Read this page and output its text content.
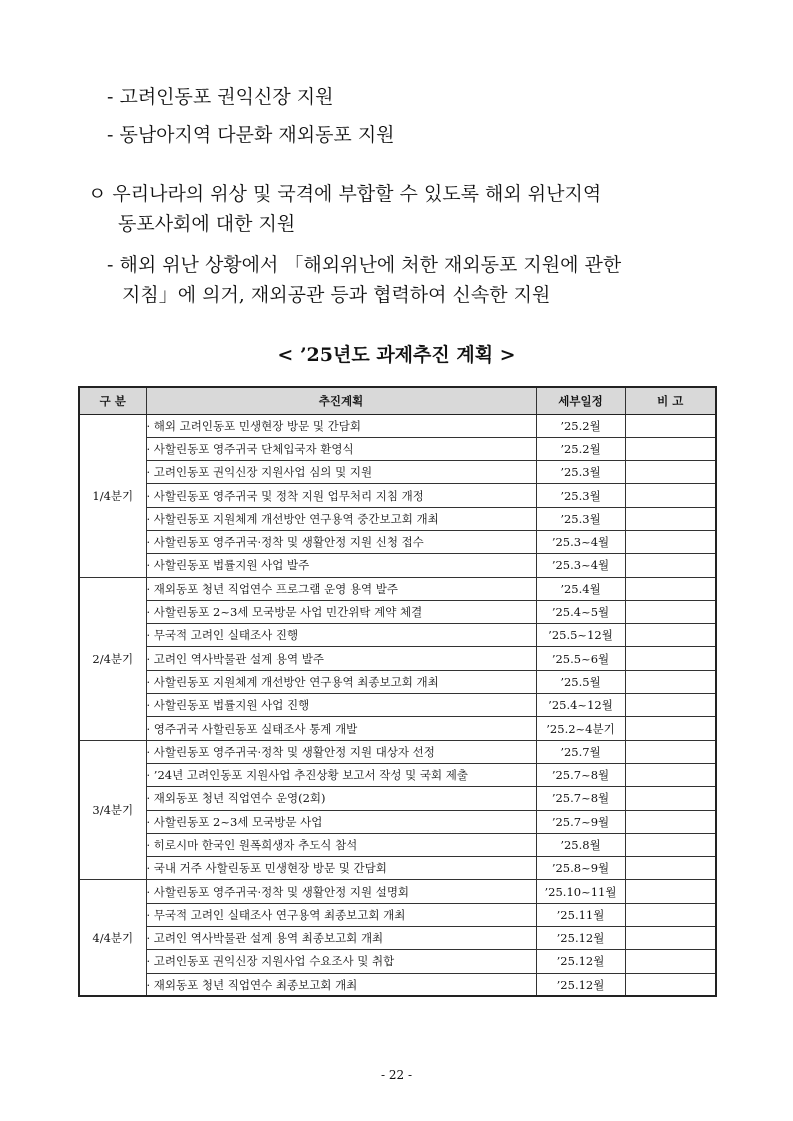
- 고려인동포 권익신장 지원
- 동남아지역 다문화 재외동포 지원
ㅇ 우리나라의 위상 및 국격에 부합할 수 있도록 해외 위난지역
동포사회에 대한 지원
- 해외 위난 상황에서 「해외위난에 처한 재외동포 지원에 관한
지침」에 의거, 재외공관 등과 협력하여 신속한 지원
< ’25년도 과제추진 계획 >
구 분	추진계획	세부일정	비 고
1/4분기	· 해외 고려인동포 민생현장 방문 및 간담회	’25.2월	
	· 사할린동포 영주귀국 단체입국자 환영식	’25.2월	
	· 고려인동포 권익신장 지원사업 심의 및 지원	’25.3월	
	· 사할린동포 영주귀국 및 정착 지원 업무처리 지침 개정	’25.3월	
	· 사할린동포 지원체계 개선방안 연구용역 중간보고회 개최	’25.3월	
	· 사할린동포 영주귀국·정착 및 생활안정 지원 신청 접수	’25.3~4월	
	· 사할린동포 법률지원 사업 발주	’25.3~4월	
2/4분기	· 재외동포 청년 직업연수 프로그램 운영 용역 발주	’25.4월	
	· 사할린동포 2~3세 모국방문 사업 민간위탁 계약 체결	’25.4~5월	
	· 무국적 고려인 실태조사 진행	’25.5~12월	
	· 고려인 역사박물관 설계 용역 발주	’25.5~6월	
	· 사할린동포 지원체계 개선방안 연구용역 최종보고회 개최	’25.5월	
	· 사할린동포 법률지원 사업 진행	’25.4~12월	
	· 영주귀국 사할린동포 실태조사 통계 개발	’25.2~4분기	
3/4분기	· 사할린동포 영주귀국·정착 및 생활안정 지원 대상자 선정	’25.7월	
	· ’24년 고려인동포 지원사업 추진상황 보고서 작성 및 국회 제출	’25.7~8월	
	· 재외동포 청년 직업연수 운영(2회)	’25.7~8월	
	· 사할린동포 2~3세 모국방문 사업	’25.7~9월	
	· 히로시마 한국인 원폭희생자 추도식 참석	’25.8월	
	· 국내 거주 사할린동포 민생현장 방문 및 간담회	’25.8~9월	
4/4분기	· 사할린동포 영주귀국·정착 및 생활안정 지원 설명회	’25.10~11월	
	· 무국적 고려인 실태조사 연구용역 최종보고회 개최	’25.11월	
	· 고려인 역사박물관 설계 용역 최종보고회 개최	’25.12월	
	· 고려인동포 권익신장 지원사업 수요조사 및 취합	’25.12월	
	· 재외동포 청년 직업연수 최종보고회 개최	’25.12월	
- 22 -
